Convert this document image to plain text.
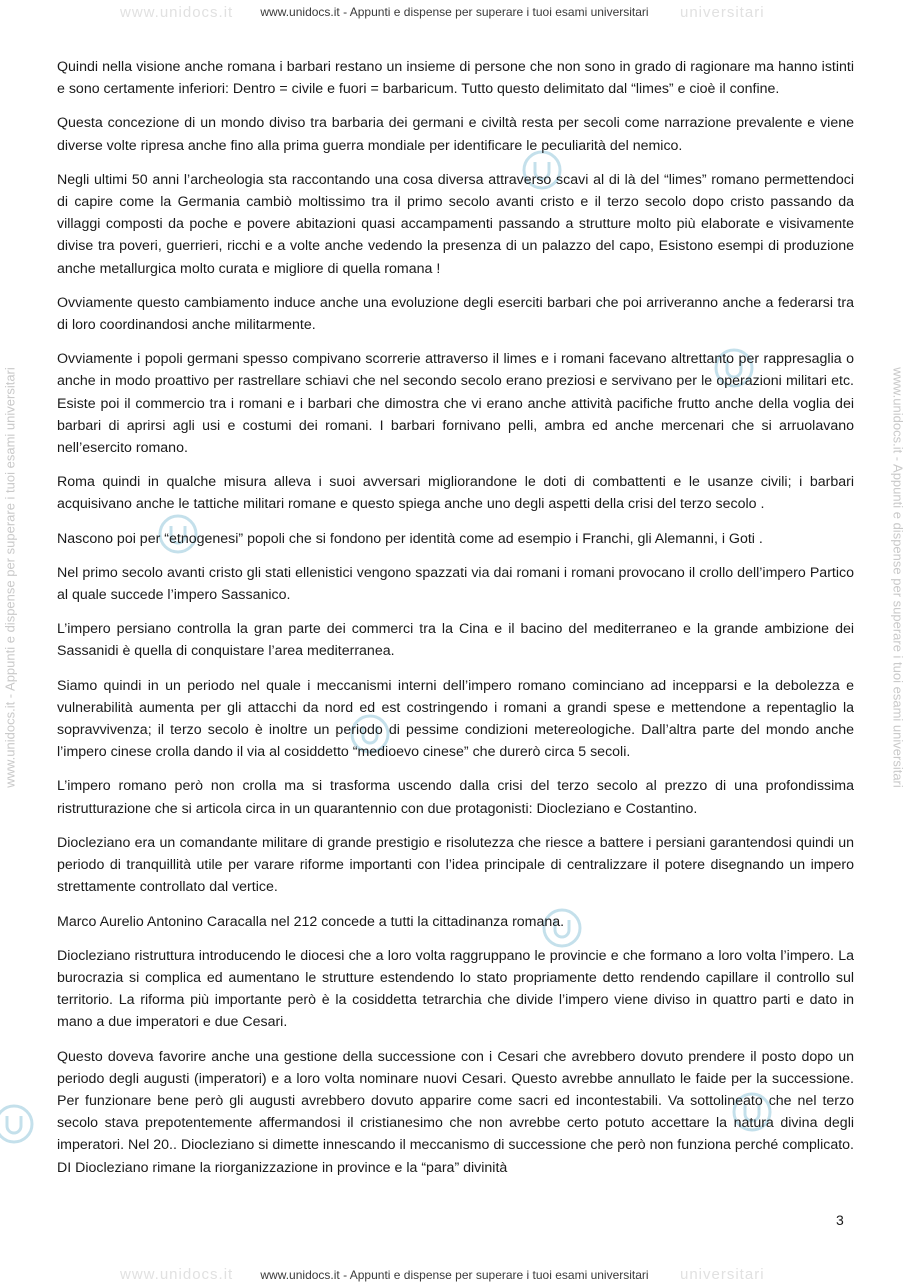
www.unidocs.it	universitari
www.unidocs.it	universitari
www.unidocs.it - Appunti e dispense per superare i tuoi esami universitari
www.unidocs.it - Appunti e dispense per superare i tuoi esami universitari
www.unidocs.it - Appunti e dispense per superare i tuoi esami universitari	www.unidocs.it - Appunti e dispense per superare i tuoi esami universitari

Quindi nella visione anche romana i barbari restano un insieme di persone che non sono in grado di ragionare ma hanno istinti e sono certamente inferiori: Dentro = civile e fuori = barbaricum. Tutto questo delimitato dal “limes” e cioè il confine.

Questa concezione di un mondo diviso tra barbaria dei germani e civiltà resta per secoli come narrazione prevalente e viene diverse volte ripresa anche fino alla prima guerra mondiale per identificare le peculiarità del nemico.

Negli ultimi 50 anni l’archeologia sta raccontando una cosa diversa attraverso scavi al di là del “limes” romano permettendoci di capire come la Germania cambiò moltissimo tra il primo secolo avanti cristo e il terzo secolo dopo cristo passando da villaggi composti da poche e povere abitazioni quasi accampamenti passando a strutture molto più elaborate e visivamente divise tra poveri, guerrieri, ricchi e a volte anche vedendo la presenza di un palazzo del capo, Esistono esempi di produzione anche metallurgica molto curata e migliore di quella romana !

Ovviamente questo cambiamento induce anche una evoluzione degli eserciti barbari che poi arriveranno anche a federarsi tra di loro coordinandosi anche militarmente.

Ovviamente i popoli germani spesso compivano scorrerie attraverso il limes e i romani facevano altrettanto per rappresaglia o anche in modo proattivo per rastrellare schiavi che nel secondo secolo erano preziosi e servivano per le operazioni militari etc. Esiste poi il commercio tra i romani e i barbari che dimostra che vi erano anche attività pacifiche frutto anche della voglia dei barbari di aprirsi agli usi e costumi dei romani. I barbari fornivano pelli, ambra ed anche mercenari che si arruolavano nell’esercito romano.

Roma quindi in qualche misura alleva i suoi avversari migliorandone le doti di combattenti e le usanze civili; i barbari acquisivano anche le tattiche militari romane e questo spiega anche uno degli aspetti della crisi del terzo secolo .

Nascono poi per “etnogenesi” popoli che si fondono per identità come ad esempio i Franchi, gli Alemanni, i Goti .

Nel primo secolo avanti cristo gli stati ellenistici vengono spazzati via dai romani i romani provocano il crollo dell’impero Partico al quale succede l’impero Sassanico.

L’impero persiano controlla la gran parte dei commerci tra la Cina e il bacino del mediterraneo e la grande ambizione dei Sassanidi è quella di conquistare l’area mediterranea.

Siamo quindi in un periodo nel quale i meccanismi interni dell’impero romano cominciano ad incepparsi e la debolezza e vulnerabilità aumenta per gli attacchi da nord ed est costringendo i romani a grandi spese e mettendone a repentaglio la sopravvivenza; il terzo secolo è inoltre un periodo di pessime condizioni metereologiche. Dall’altra parte del mondo anche l’impero cinese crolla dando il via al cosiddetto “medioevo cinese” che durerò circa 5 secoli.

L’impero romano però non crolla ma si trasforma uscendo dalla crisi del terzo secolo al prezzo di una profondissima ristrutturazione che si articola circa in un quarantennio con due protagonisti: Diocleziano e Costantino.

Diocleziano era un comandante militare di grande prestigio e risolutezza che riesce a battere i persiani garantendosi quindi un periodo di tranquillità utile per varare riforme importanti con l’idea principale di centralizzare il potere disegnando un impero strettamente controllato dal vertice.

Marco Aurelio Antonino Caracalla nel 212 concede a tutti la cittadinanza romana.

Diocleziano ristruttura introducendo le diocesi che a loro volta raggruppano le provincie e che formano a loro volta l’impero. La burocrazia si complica ed aumentano le strutture estendendo lo stato propriamente detto rendendo capillare il controllo sul territorio. La riforma più importante però è la cosiddetta tetrarchia che divide l’impero viene diviso in quattro parti e dato in mano a due imperatori e due Cesari.

Questo doveva favorire anche una gestione della successione con i Cesari che avrebbero dovuto prendere il posto dopo un periodo degli augusti (imperatori) e a loro volta nominare nuovi Cesari. Questo avrebbe annullato le faide per la successione. Per funzionare bene però gli augusti avrebbero dovuto apparire come sacri ed incontestabili. Va sottolineato che nel terzo secolo stava prepotentemente affermandosi il cristianesimo che non avrebbe certo potuto accettare la natura divina degli imperatori. Nel 20.. Diocleziano si dimette innescando il meccanismo di successione che però non funziona perché complicato. DI Diocleziano rimane la riorganizzazione in province e la “para” divinità

3
